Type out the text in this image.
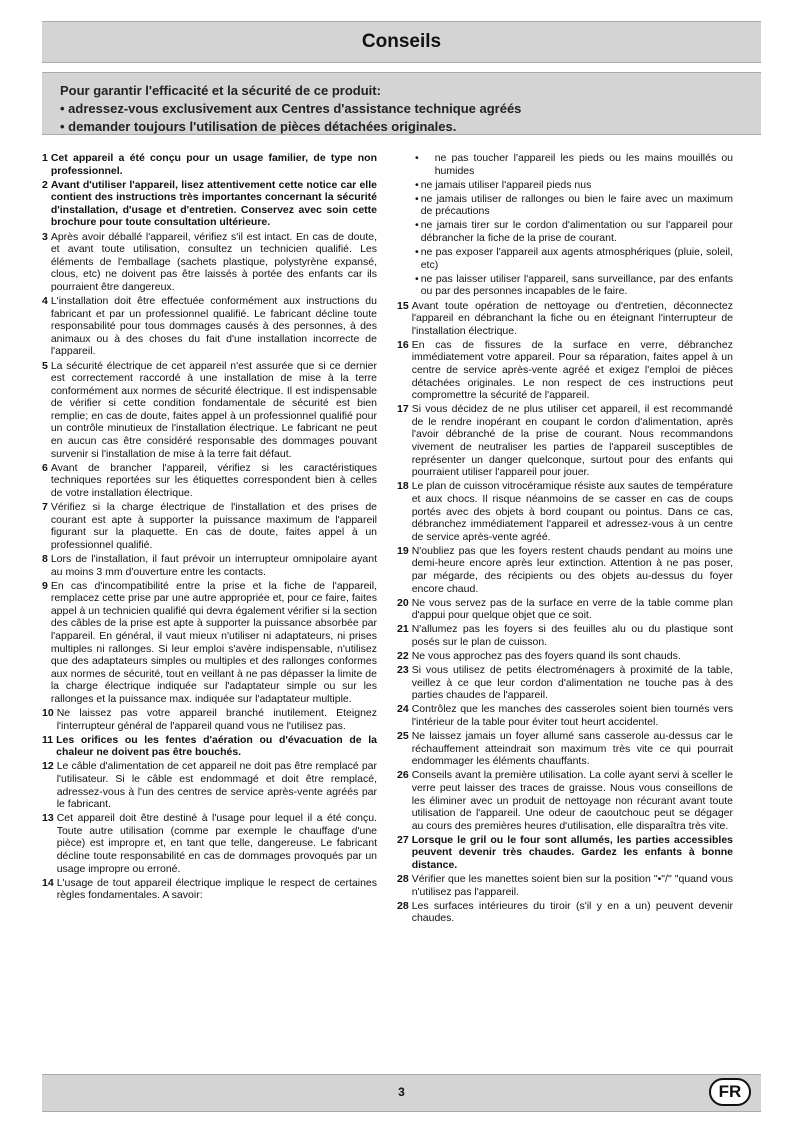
Conseils

Pour garantir l'efficacité et la sécurité de ce produit:

• adressez-vous exclusivement aux Centres d'assistance technique agréés

• demander toujours l'utilisation de pièces détachées originales.

1 Cet appareil a été conçu pour un usage familier, de type non professionnel.
2 Avant d'utiliser l'appareil, lisez attentivement cette notice car elle contient des instructions très importantes concernant la sécurité d'installation, d'usage et d'entretien. Conservez avec soin cette brochure pour toute consultation ultérieure.
3 Après avoir déballé l'appareil, vérifiez s'il est intact. En cas de doute, et avant toute utilisation, consultez un technicien qualifié. Les éléments de l'emballage (sachets plastique, polystyrène expansé, clous, etc) ne doivent pas être laissés à portée des enfants car ils pourraient être dangereux.
4 L'installation doit être effectuée conformément aux instructions du fabricant et par un professionnel qualifié. Le fabricant décline toute responsabilité pour tous dommages causés à des personnes, à des animaux ou à des choses du fait d'une installation incorrecte de l'appareil.
5 La sécurité électrique de cet appareil n'est assurée que si ce dernier est correctement raccordé à une installation de mise à la terre conformément aux normes de sécurité électrique. Il est indispensable de vérifier si cette condition fondamentale de sécurité est bien remplie; en cas de doute, faites appel à un professionnel qualifié pour un contrôle minutieux de l'installation électrique. Le fabricant ne peut en aucun cas être considéré responsable des dommages pouvant survenir si l'installation de mise à la terre fait défaut.
6 Avant de brancher l'appareil, vérifiez si les caractéristiques techniques reportées sur les étiquettes correspondent bien à celles de votre installation électrique.
7 Vérifiez si la charge électrique de l'installation et des prises de courant est apte à supporter la puissance maximum de l'appareil figurant sur la plaquette. En cas de doute, faites appel à un professionnel qualifié.
8 Lors de l'installation, il faut prévoir un interrupteur omnipolaire ayant au moins 3 mm d'ouverture entre les contacts.
9 En cas d'incompatibilité entre la prise et la fiche de l'appareil, remplacez cette prise par une autre appropriée et, pour ce faire, faites appel à un technicien qualifié qui devra également vérifier si la section des câbles de la prise est apte à supporter la puissance absorbée par l'appareil. En général, il vaut mieux n'utiliser ni adaptateurs, ni prises multiples ni rallonges. Si leur emploi s'avère indispensable, n'utilisez que des adaptateurs simples ou multiples et des rallonges conformes aux normes de sécurité, tout en veillant à ne pas dépasser la limite de la charge électrique indiquée sur l'adaptateur simple ou sur les rallonges et la puissance max. indiquée sur l'adaptateur multiple.
10 Ne laissez pas votre appareil branché inutilement. Eteignez l'interrupteur général de l'appareil quand vous ne l'utilisez pas.
11 Les orifices ou les fentes d'aération ou d'évacuation de la chaleur ne doivent pas être bouchés.
12 Le câble d'alimentation de cet appareil ne doit pas être remplacé par l'utilisateur. Si le câble est endommagé et doit être remplacé, adressez-vous à l'un des centres de service après-vente agréés par le fabricant.
13 Cet appareil doit être destiné à l'usage pour lequel il a été conçu. Toute autre utilisation (comme par exemple le chauffage d'une pièce) est impropre et, en tant que telle, dangereuse. Le fabricant décline toute responsabilité en cas de dommages provoqués par un usage impropre ou erroné.
14 L'usage de tout appareil électrique implique le respect de certaines règles fondamentales. A savoir:
•	ne pas toucher l'appareil les pieds ou les mains mouillés ou humides
• ne jamais utiliser l'appareil pieds nus
• ne jamais utiliser de rallonges ou bien le faire avec un maximum de précautions
• ne jamais tirer sur le cordon d'alimentation ou sur l'appareil pour débrancher la fiche de la prise de courant.
• ne pas exposer l'appareil aux agents atmosphériques (pluie, soleil, etc)
• ne pas laisser utiliser l'appareil, sans surveillance, par des enfants ou par des personnes incapables de le faire.
15 Avant toute opération de nettoyage ou d'entretien, déconnectez l'appareil en débranchant la fiche ou en éteignant l'interrupteur de l'installation électrique.
16 En cas de fissures de la surface en verre, débranchez immédiatement votre appareil. Pour sa réparation, faites appel à un centre de service après-vente agréé et exigez l'emploi de pièces détachées originales. Le non respect de ces instructions peut compromettre la sécurité de l'appareil.
17 Si vous décidez de ne plus utiliser cet appareil, il est recommandé de le rendre inopérant en coupant le cordon d'alimentation, après l'avoir débranché de la prise de courant. Nous recommandons vivement de neutraliser les parties de l'appareil susceptibles de représenter un danger quelconque, surtout pour des enfants qui pourraient utiliser l'appareil pour jouer.
18 Le plan de cuisson vitrocéramique résiste aux sautes de température et aux chocs. Il risque néanmoins de se casser en cas de coups portés avec des objets à bord coupant ou pointus. Dans ce cas, débranchez immédiatement l'appareil et adressez-vous à un centre de service après-vente agréé.
19 N'oubliez pas que les foyers restent chauds pendant au moins une demi-heure encore après leur extinction. Attention à ne pas poser, par mégarde, des récipients ou des objets au-dessus du foyer encore chaud.
20 Ne vous servez pas de la surface en verre de la table comme plan d'appui pour quelque objet que ce soit.
21 N'allumez pas les foyers si des feuilles alu ou du plastique sont posés sur le plan de cuisson.
22 Ne vous approchez pas des foyers quand ils sont chauds.
23 Si vous utilisez de petits électroménagers à proximité de la table, veillez à ce que leur cordon d'alimentation ne touche pas à des parties chaudes de l'appareil.
24 Contrôlez que les manches des casseroles soient bien tournés vers l'intérieur de la table pour éviter tout heurt accidentel.
25 Ne laissez jamais un foyer allumé sans casserole au-dessus car le réchauffement atteindrait son maximum très vite ce qui pourrait endommager les éléments chauffants.
26 Conseils avant la première utilisation. La colle ayant servi à sceller le verre peut laisser des traces de graisse. Nous vous conseillons de les éliminer avec un produit de nettoyage non récurant avant toute utilisation de l'appareil. Une odeur de caoutchouc peut se dégager au cours des premières heures d'utilisation, elle disparaîtra très vite.
27 Lorsque le gril ou le four sont allumés, les parties accessibles peuvent devenir très chaudes. Gardez les enfants à bonne distance.
28 Vérifier que les manettes soient bien sur la position "•"/" "quand vous n'utilisez pas l'appareil.
28 Les surfaces intérieures du tiroir (s'il y en a un) peuvent devenir chaudes.
3	FR
